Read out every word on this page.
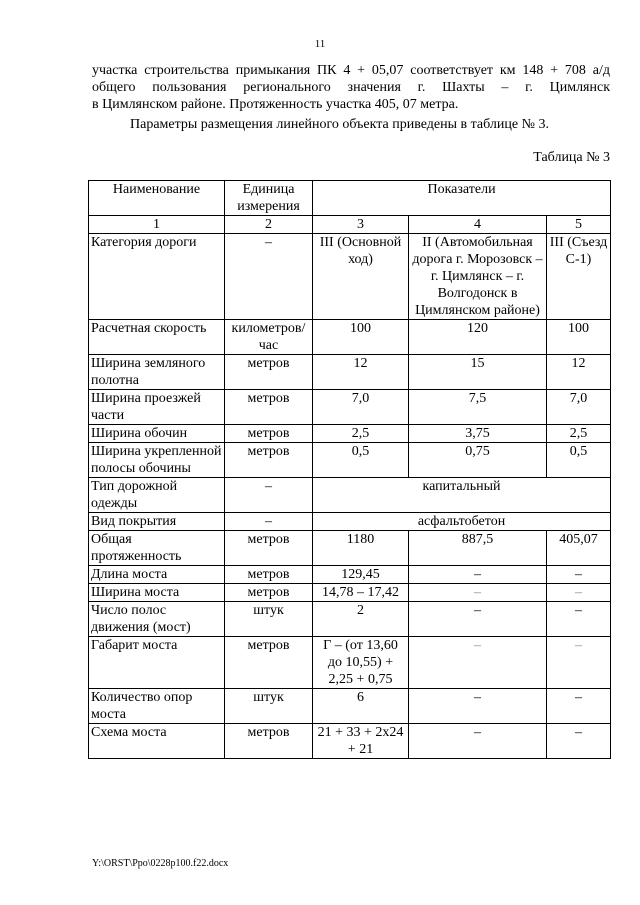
11
участка строительства примыкания ПК 4 + 05,07 соответствует км 148 + 708 а/д
общего пользования регионального значения г. Шахты – г. Цимлянск
в Цимлянском районе. Протяженность участка 405, 07 метра.
Параметры размещения линейного объекта приведены в таблице № 3.
Таблица № 3
Наименование	Единица измерения	Показатели		
1	2	3	4	5
Категория дороги	–	III (Основной ход)	II (Автомобильная дорога г. Морозовск – г. Цимлянск – г. Волгодонск в Цимлянском районе)	III (Съезд С-1)
Расчетная скорость	километров/ час	100	120	100
Ширина земляного полотна	метров	12	15	12
Ширина проезжей части	метров	7,0	7,5	7,0
Ширина обочин	метров	2,5	3,75	2,5
Ширина укрепленной полосы обочины	метров	0,5	0,75	0,5
Тип дорожной одежды	–	капитальный		
Вид покрытия	–	асфальтобетон		
Общая протяженность	метров	1180	887,5	405,07
Длина моста	метров	129,45	–	–
Ширина моста	метров	14,78 – 17,42	–	–
Число полос движения (мост)	штук	2	–	–
Габарит моста	метров	Г – (от 13,60 до 10,55) + 2,25 + 0,75	–	–
Количество опор моста	штук	6	–	–
Схема моста	метров	21 + 33 + 2x24 + 21	–	–
Y:\ORST\Ppo\0228p100.f22.docx
